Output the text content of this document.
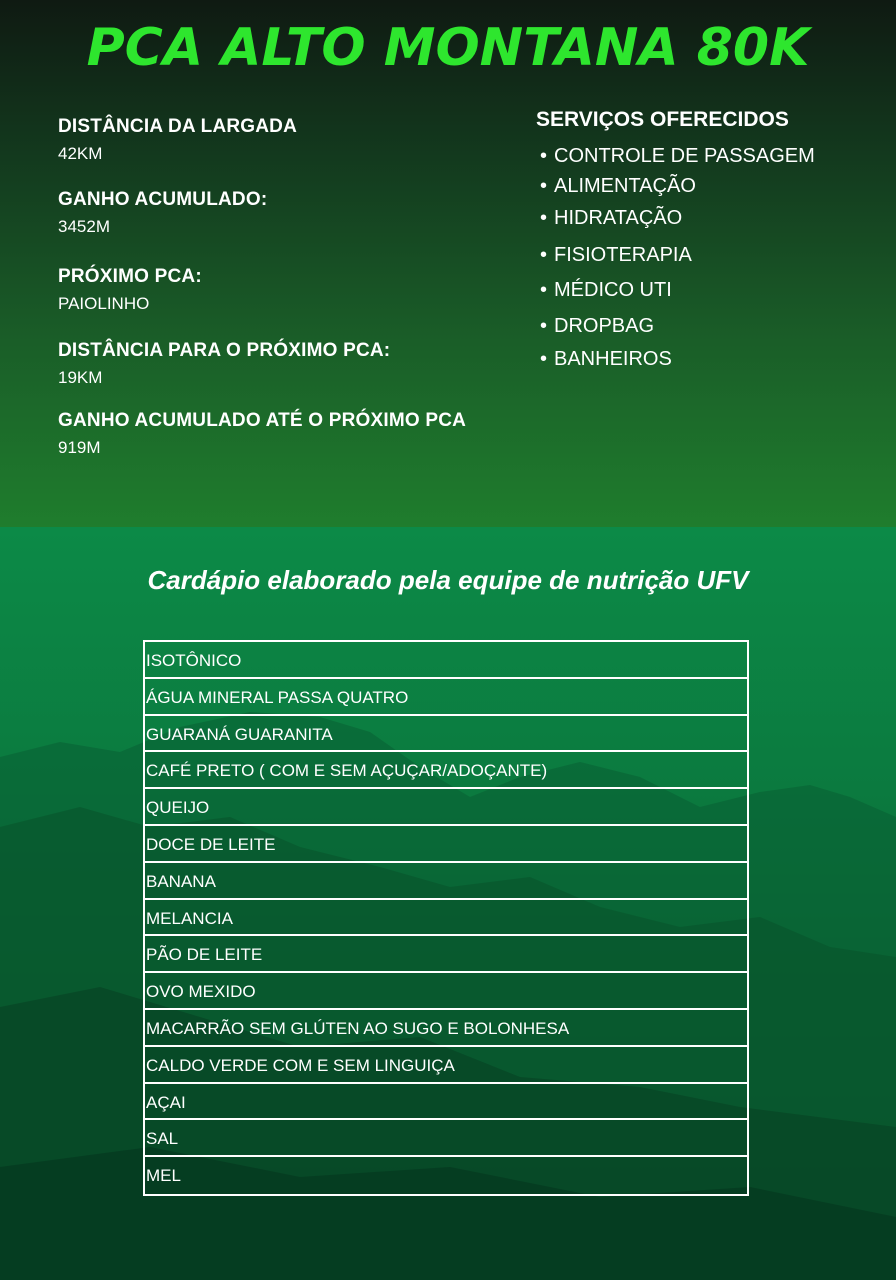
PCA ALTO MONTANA 80K
DISTÂNCIA DA LARGADA
42KM
GANHO ACUMULADO:
3452M
PRÓXIMO PCA:
PAIOLINHO
DISTÂNCIA PARA O PRÓXIMO PCA:
19KM
GANHO ACUMULADO ATÉ O PRÓXIMO PCA
919M
SERVIÇOS OFERECIDOS
• CONTROLE DE PASSAGEM
• ALIMENTAÇÃO
• HIDRATAÇÃO
• FISIOTERAPIA
• MÉDICO UTI
• DROPBAG
• BANHEIROS
Cardápio elaborado pela equipe de nutrição UFV
ISOTÔNICO
ÁGUA MINERAL PASSA QUATRO
GUARANÁ GUARANITA
CAFÉ PRETO ( COM E SEM AÇUÇAR/ADOÇANTE)
QUEIJO
DOCE DE LEITE
BANANA
MELANCIA
PÃO DE LEITE
OVO MEXIDO
MACARRÃO SEM GLÚTEN AO SUGO E BOLONHESA
CALDO VERDE COM E SEM LINGUIÇA
AÇAI
SAL
MEL
